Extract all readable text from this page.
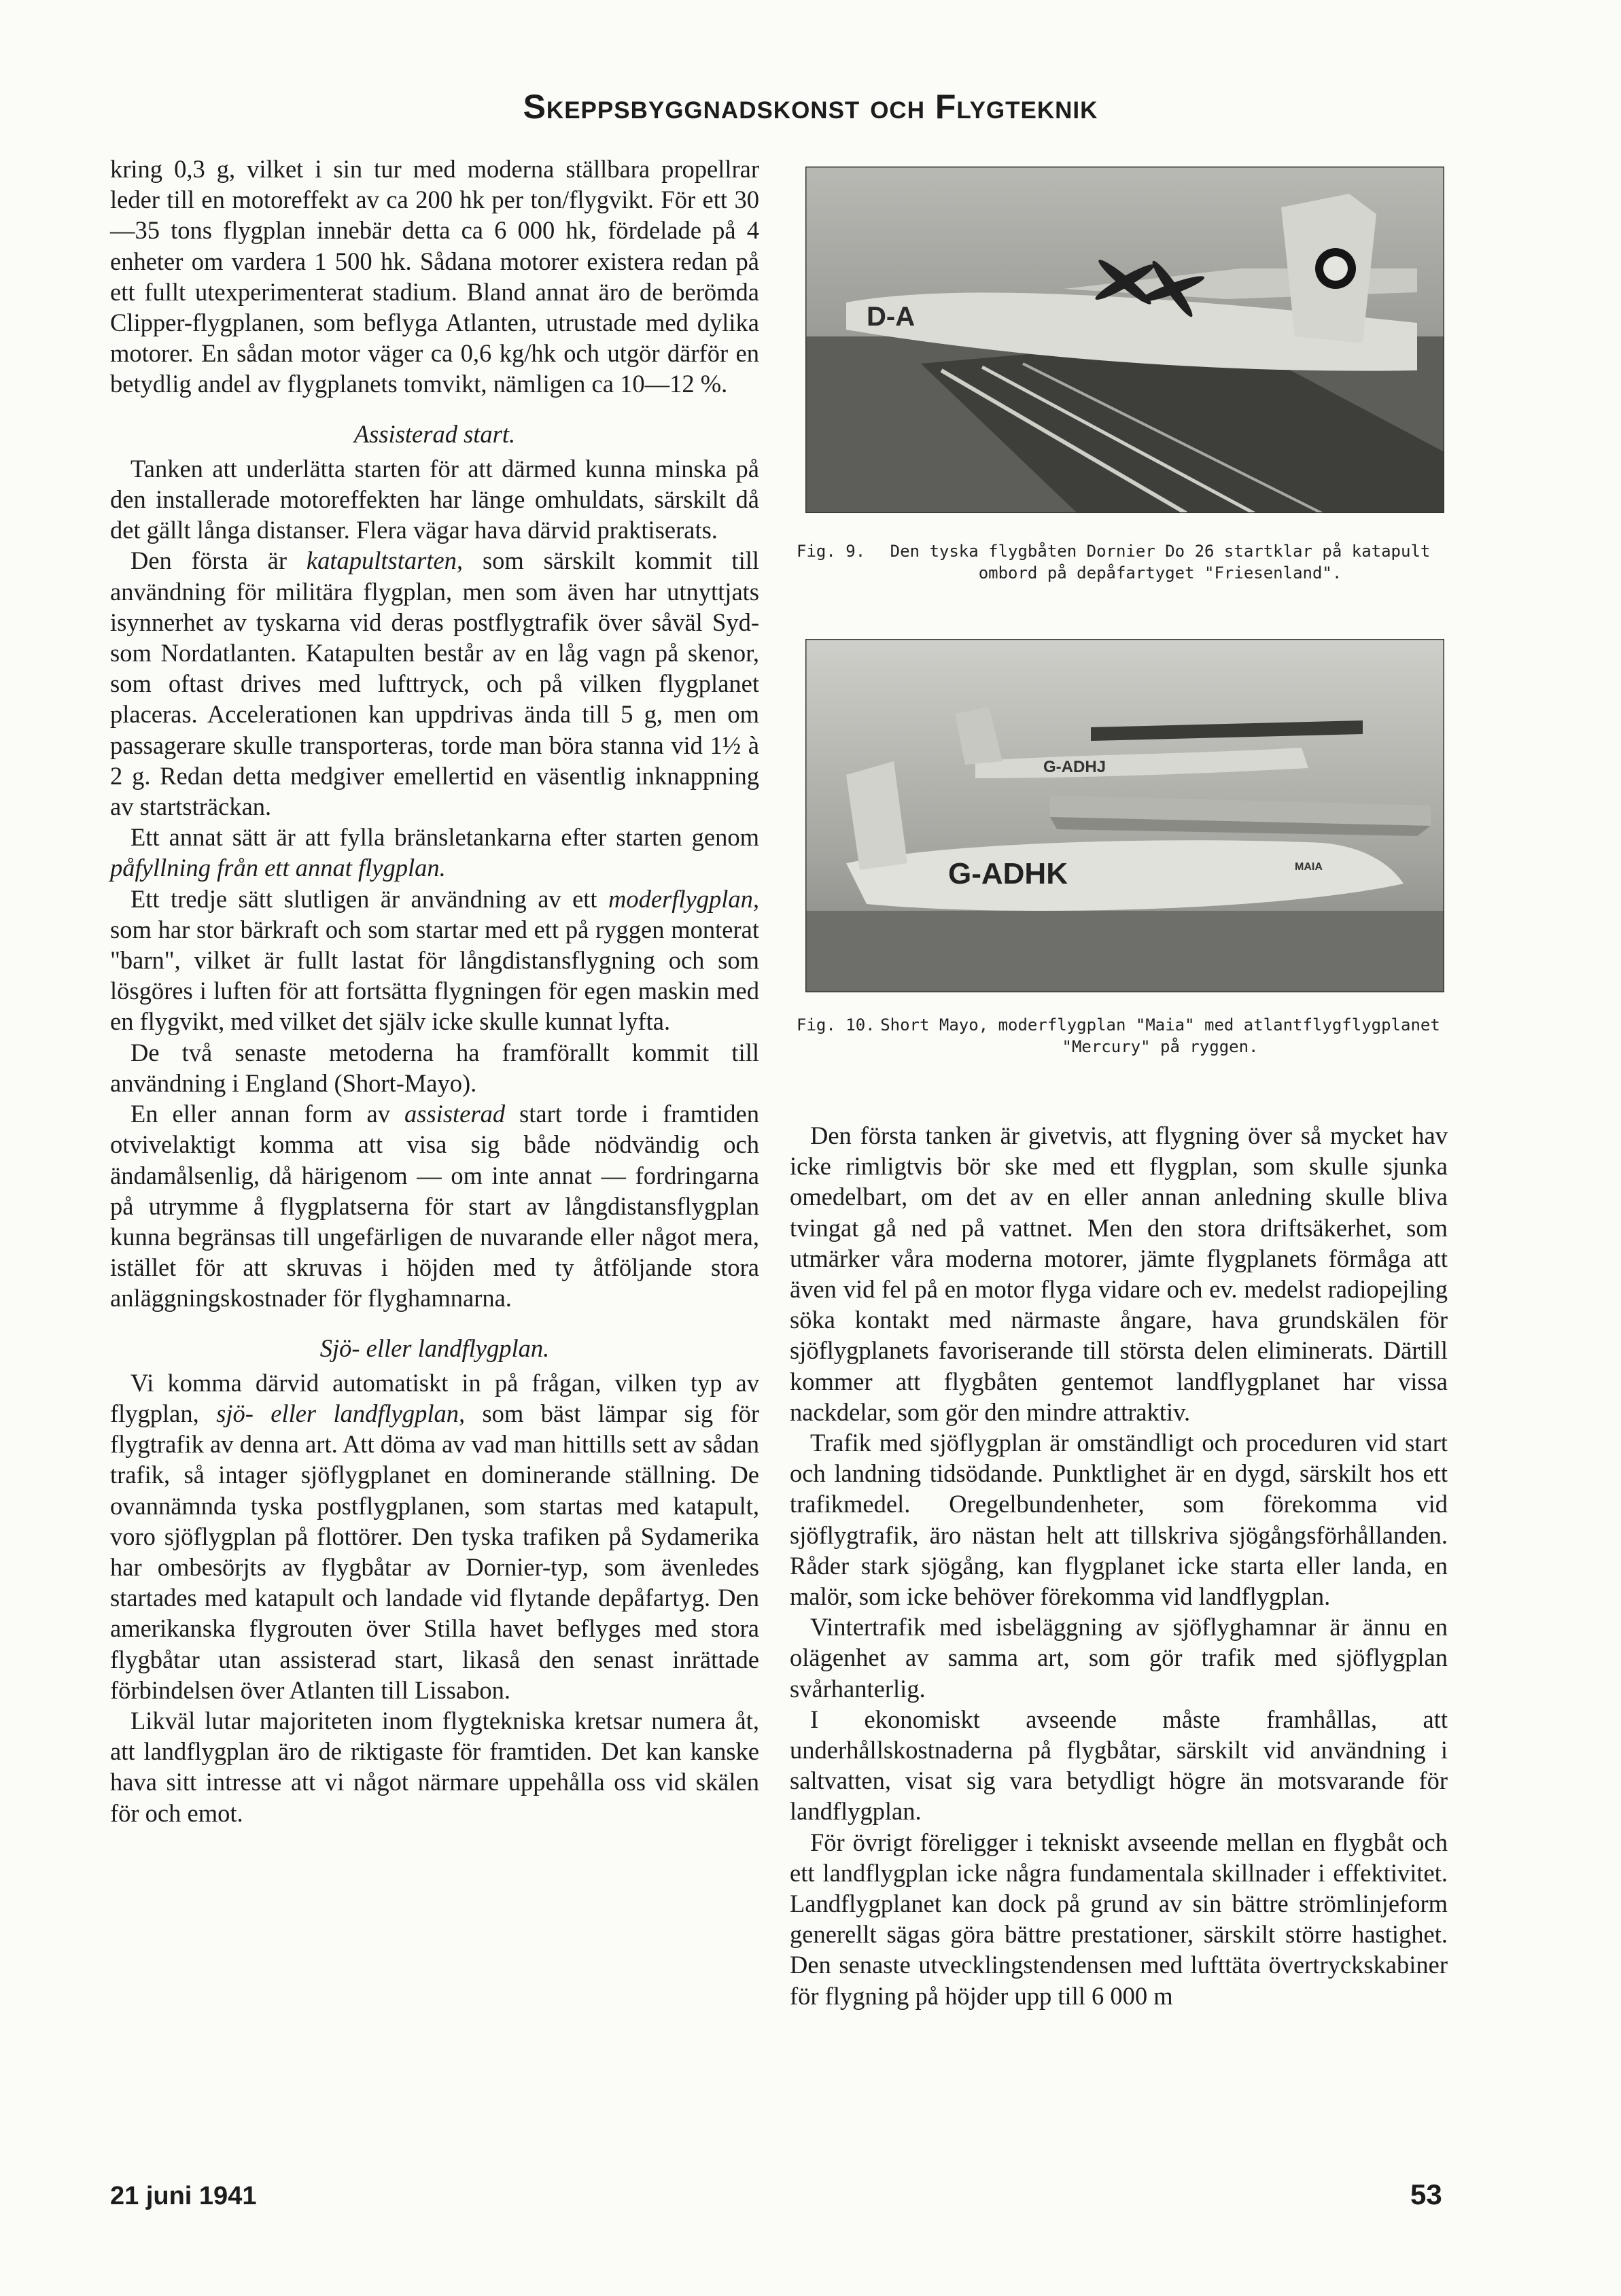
Skeppsbyggnadskonst och Flygteknik

kring 0,3 g, vilket i sin tur med moderna ställbara propellrar leder till en motoreffekt av ca 200 hk per ton/flygvikt. För ett 30—35 tons flygplan innebär detta ca 6 000 hk, fördelade på 4 enheter om vardera 1 500 hk. Sådana motorer existera redan på ett fullt utexperimenterat stadium. Bland annat äro de berömda Clipper-flygplanen, som beflyga Atlanten, utrustade med dylika motorer. En sådan motor väger ca 0,6 kg/hk och utgör därför en betydlig andel av flygplanets tomvikt, nämligen ca 10—12 %.

Assisterad start.

Tanken att underlätta starten för att därmed kunna minska på den installerade motoreffekten har länge omhuldats, särskilt då det gällt långa distanser. Flera vägar hava därvid praktiserats.

Den första är katapultstarten, som särskilt kommit till användning för militära flygplan, men som även har utnyttjats isynnerhet av tyskarna vid deras postflygtrafik över såväl Syd- som Nordatlanten. Katapulten består av en låg vagn på skenor, som oftast drives med lufttryck, och på vilken flygplanet placeras. Accelerationen kan uppdrivas ända till 5 g, men om passagerare skulle transporteras, torde man böra stanna vid 1½ à 2 g. Redan detta medgiver emellertid en väsentlig inknappning av startsträckan.

Ett annat sätt är att fylla bränsletankarna efter starten genom påfyllning från ett annat flygplan.

Ett tredje sätt slutligen är användning av ett moderflygplan, som har stor bärkraft och som startar med ett på ryggen monterat "barn", vilket är fullt lastat för långdistansflygning och som lösgöres i luften för att fortsätta flygningen för egen maskin med en flygvikt, med vilket det själv icke skulle kunnat lyfta.

De två senaste metoderna ha framförallt kommit till användning i England (Short-Mayo).

En eller annan form av assisterad start torde i framtiden otvivelaktigt komma att visa sig både nödvändig och ändamålsenlig, då härigenom — om inte annat — fordringarna på utrymme å flygplatserna för start av långdistansflygplan kunna begränsas till ungefärligen de nuvarande eller något mera, istället för att skruvas i höjden med ty åtföljande stora anläggningskostnader för flyghamnarna.

Sjö- eller landflygplan.

Vi komma därvid automatiskt in på frågan, vilken typ av flygplan, sjö- eller landflygplan, som bäst lämpar sig för flygtrafik av denna art. Att döma av vad man hittills sett av sådan trafik, så intager sjöflygplanet en dominerande ställning. De ovannämnda tyska postflygplanen, som startas med katapult, voro sjöflygplan på flottörer. Den tyska trafiken på Sydamerika har ombesörjts av flygbåtar av Dornier-typ, som ävenledes startades med katapult och landade vid flytande depåfartyg. Den amerikanska flygrouten över Stilla havet beflyges med stora flygbåtar utan assisterad start, likaså den senast inrättade förbindelsen över Atlanten till Lissabon.

Likväl lutar majoriteten inom flygtekniska kretsar numera åt, att landflygplan äro de riktigaste för framtiden. Det kan kanske hava sitt intresse att vi något närmare uppehålla oss vid skälen för och emot.

D-A
Fig. 9.	Den tyska flygbåten Dornier Do 26 startklar på katapult ombord på depåfartyget "Friesenland".
G-ADHJ
G-ADHK	MAIA
Fig. 10. Short Mayo, moderflygplan "Maia" med atlantflygflygplanet "Mercury" på ryggen.

Den första tanken är givetvis, att flygning över så mycket hav icke rimligtvis bör ske med ett flygplan, som skulle sjunka omedelbart, om det av en eller annan anledning skulle bliva tvingat gå ned på vattnet. Men den stora driftsäkerhet, som utmärker våra moderna motorer, jämte flygplanets förmåga att även vid fel på en motor flyga vidare och ev. medelst radiopejling söka kontakt med närmaste ångare, hava grundskälen för sjöflygplanets favoriserande till största delen eliminerats. Därtill kommer att flygbåten gentemot landflygplanet har vissa nackdelar, som gör den mindre attraktiv.

Trafik med sjöflygplan är omständligt och proceduren vid start och landning tidsödande. Punktlighet är en dygd, särskilt hos ett trafikmedel. Oregelbundenheter, som förekomma vid sjöflygtrafik, äro nästan helt att tillskriva sjögångsförhållanden. Råder stark sjögång, kan flygplanet icke starta eller landa, en malör, som icke behöver förekomma vid landflygplan.

Vintertrafik med isbeläggning av sjöflyghamnar är ännu en olägenhet av samma art, som gör trafik med sjöflygplan svårhanterlig.

I ekonomiskt avseende måste framhållas, att underhållskostnaderna på flygbåtar, särskilt vid användning i saltvatten, visat sig vara betydligt högre än motsvarande för landflygplan.

För övrigt föreligger i tekniskt avseende mellan en flygbåt och ett landflygplan icke några fundamentala skillnader i effektivitet. Landflygplanet kan dock på grund av sin bättre strömlinjeform generellt sägas göra bättre prestationer, särskilt större hastighet. Den senaste utvecklingstendensen med lufttäta övertryckskabiner för flygning på höjder upp till 6 000 m

21 juni 1941	53
